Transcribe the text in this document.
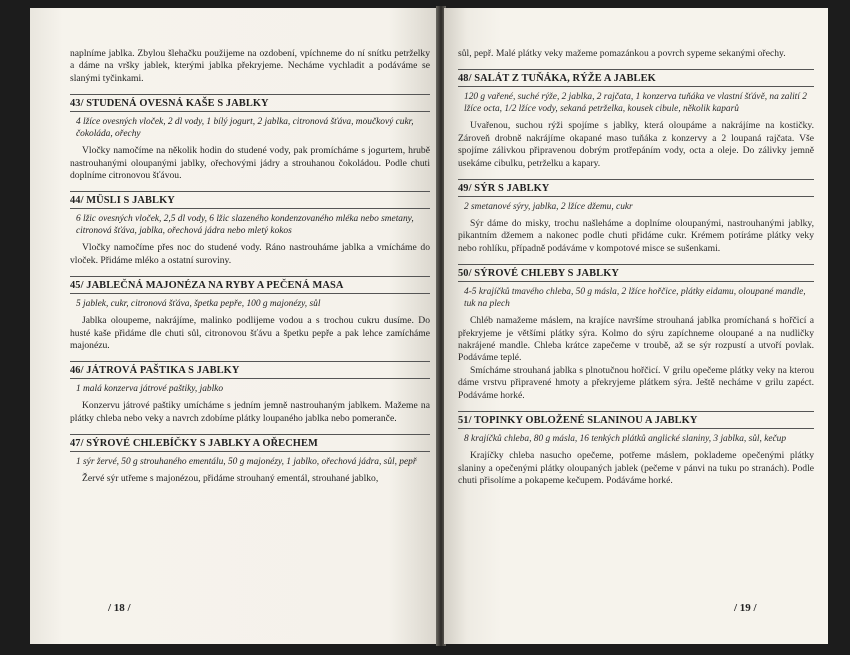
naplníme jablka. Zbylou šlehačku použijeme na ozdobení, vpíchneme do ní snítku petrželky a dáme na vršky jablek, kterými jablka překryjeme. Necháme vychladit a podáváme se slanými tyčinkami.

43/ STUDENÁ OVESNÁ KAŠE S JABLKY

4 lžíce ovesných vloček, 2 dl vody, 1 bílý jogurt, 2 jablka, citronová šťáva, moučkový cukr, čokoláda, ořechy

Vločky namočíme na několik hodin do studené vody, pak promícháme s jogurtem, hrubě nastrouhanými oloupanými jablky, ořechovými jádry a strouhanou čokoládou. Podle chuti doplníme citronovou šťávou.

44/ MÜSLI S JABLKY

6 lžic ovesných vloček, 2,5 dl vody, 6 lžic slazeného kondenzovaného mléka nebo smetany, citronová šťáva, jablka, ořechová jádra nebo mletý kokos

Vločky namočíme přes noc do studené vody. Ráno nastrouháme jablka a vmícháme do vloček. Přidáme mléko a ostatní suroviny.

45/ JABLEČNÁ MAJONÉZA NA RYBY A PEČENÁ MASA

5 jablek, cukr, citronová šťáva, špetka pepře, 100 g majonézy, sůl

Jablka oloupeme, nakrájíme, malinko podlijeme vodou a s trochou cukru dusíme. Do husté kaše přidáme dle chuti sůl, citronovou šťávu a špetku pepře a pak lehce zamícháme majonézu.

46/ JÁTROVÁ PAŠTIKA S JABLKY

1 malá konzerva játrové paštiky, jablko

Konzervu játrové paštiky umícháme s jedním jemně nastrouhaným jablkem. Mažeme na plátky chleba nebo veky a navrch zdobíme plátky loupaného jablka nebo pomeranče.

47/ SÝROVÉ CHLEBÍČKY S JABLKY A OŘECHEM

1 sýr žervé, 50 g strouhaného ementálu, 50 g majonézy, 1 jablko, ořechová jádra, sůl, pepř

Žervé sýr utřeme s majonézou, přidáme strouhaný ementál, strouhané jablko,

/ 18 /

sůl, pepř. Malé plátky veky mažeme pomazánkou a povrch sypeme sekanými ořechy.

48/ SALÁT Z TUŇÁKA, RÝŽE A JABLEK

120 g vařené, suché rýže, 2 jablka, 2 rajčata, 1 konzerva tuňáka ve vlastní šťávě, na zalití 2 lžíce octa, 1/2 lžíce vody, sekaná petrželka, kousek cibule, několik kaparů

Uvařenou, suchou rýži spojíme s jablky, která oloupáme a nakrájíme na kostičky. Zároveň drobně nakrájíme okapané maso tuňáka z konzervy a 2 loupaná rajčata. Vše spojíme zálivkou připravenou dobrým protřepáním vody, octa a oleje. Do zálivky jemně usekáme cibulku, petrželku a kapary.

49/ SÝR S JABLKY

2 smetanové sýry, jablka, 2 lžíce džemu, cukr

Sýr dáme do misky, trochu našleháme a doplníme oloupanými, nastrouhanými jablky, pikantním džemem a nakonec podle chuti přidáme cukr. Krémem potíráme plátky veky nebo rohlíku, případně podáváme v kompotové misce se sušenkami.

50/ SÝROVÉ CHLEBY S JABLKY

4-5 krajíčků tmavého chleba, 50 g másla, 2 lžíce hořčice, plátky eidamu, oloupané mandle, tuk na plech

Chléb namažeme máslem, na krajíce navršíme strouhaná jablka promíchaná s hořčicí a překryjeme je většími plátky sýra. Kolmo do sýru zapíchneme oloupané a na nudličky nakrájené mandle. Chleba krátce zapečeme v troubě, až se sýr rozpustí a utvoří povlak. Podáváme teplé.

Smícháme strouhaná jablka s plnotučnou hořčicí. V grilu opečeme plátky veky na kterou dáme vrstvu připravené hmoty a překryjeme plátkem sýra. Ještě necháme v grilu zapéct. Podáváme horké.

51/ TOPINKY OBLOŽENÉ SLANINOU A JABLKY

8 krajíčků chleba, 80 g másla, 16 tenkých plátků anglické slaniny, 3 jablka, sůl, kečup

Krajíčky chleba nasucho opečeme, potřeme máslem, poklademe opečenými plátky slaniny a opečenými plátky oloupaných jablek (pečeme v pánvi na tuku po stranách). Podle chuti přisolíme a pokapeme kečupem. Podáváme horké.

/ 19 /
